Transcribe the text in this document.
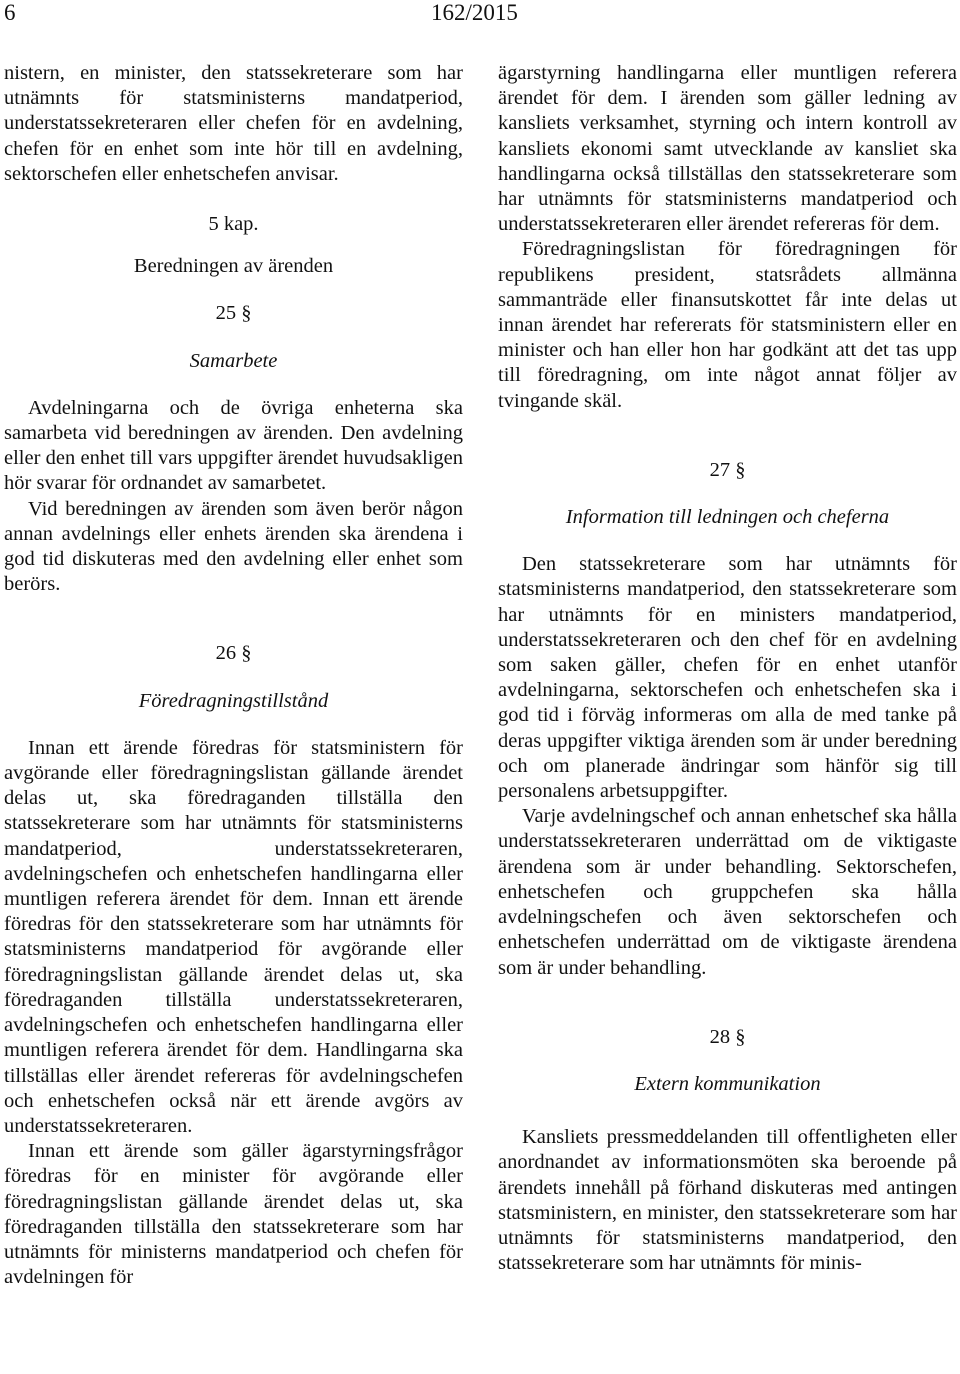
6	162/2015

nistern, en minister, den statssekreterare som har utnämnts för statsministerns mandatperiod, understatssekreteraren eller chefen för en avdelning, chefen för en enhet som inte hör till en avdelning, sektorschefen eller enhetschefen anvisar.

5 kap.
Beredningen av ärenden
25 §
Samarbete

Avdelningarna och de övriga enheterna ska samarbeta vid beredningen av ärenden. Den avdelning eller den enhet till vars uppgifter ärendet huvudsakligen hör svarar för ordnandet av samarbetet.

Vid beredningen av ärenden som även berör någon annan avdelnings eller enhets ärenden ska ärendena i god tid diskuteras med den avdelning eller enhet som berörs.

26 §
Föredragningstillstånd

Innan ett ärende föredras för statsministern för avgörande eller föredragningslistan gällande ärendet delas ut, ska föredraganden tillställa den statssekreterare som har utnämnts för statsministerns mandatperiod, understatssekreteraren, avdelningschefen och enhetschefen handlingarna eller muntligen referera ärendet för dem. Innan ett ärende föredras för den statssekreterare som har utnämnts för statsministerns mandatperiod för avgörande eller föredragningslistan gällande ärendet delas ut, ska föredraganden tillställa understatssekreteraren, avdelningschefen och enhetschefen handlingarna eller muntligen referera ärendet för dem. Handlingarna ska tillställas eller ärendet refereras för avdelningschefen och enhetschefen också när ett ärende avgörs av understatssekreteraren.

Innan ett ärende som gäller ägarstyrningsfrågor föredras för en minister för avgörande eller föredragningslistan gällande ärendet delas ut, ska föredraganden tillställa den statssekreterare som har utnämnts för ministerns mandatperiod och chefen för avdelningen för

ägarstyrning handlingarna eller muntligen referera ärendet för dem. I ärenden som gäller ledning av kansliets verksamhet, styrning och intern kontroll av kansliets ekonomi samt utvecklande av kansliet ska handlingarna också tillställas den statssekreterare som har utnämnts för statsministerns mandatperiod och understatssekreteraren eller ärendet refereras för dem.

Föredragningslistan för föredragningen för republikens president, statsrådets allmänna sammanträde eller finansutskottet får inte delas ut innan ärendet har refererats för statsministern eller en minister och han eller hon har godkänt att det tas upp till föredragning, om inte något annat följer av tvingande skäl.

27 §
Information till ledningen och cheferna

Den statssekreterare som har utnämnts för statsministerns mandatperiod, den statssekreterare som har utnämnts för en ministers mandatperiod, understatssekreteraren och den chef för en avdelning som saken gäller, chefen för en enhet utanför avdelningarna, sektorschefen och enhetschefen ska i god tid i förväg informeras om alla de med tanke på deras uppgifter viktiga ärenden som är under beredning och om planerade ändringar som hänför sig till personalens arbetsuppgifter.

Varje avdelningschef och annan enhetschef ska hålla understatssekreteraren underrättad om de viktigaste ärendena som är under behandling. Sektorschefen, enhetschefen och gruppchefen ska hålla avdelningschefen och även sektorschefen och enhetschefen underrättad om de viktigaste ärendena som är under behandling.

28 §
Extern kommunikation

Kansliets pressmeddelanden till offentligheten eller anordnandet av informationsmöten ska beroende på ärendets innehåll på förhand diskuteras med antingen statsministern, en minister, den statssekreterare som har utnämnts för statsministerns mandatperiod, den statssekreterare som har utnämnts för minis-
